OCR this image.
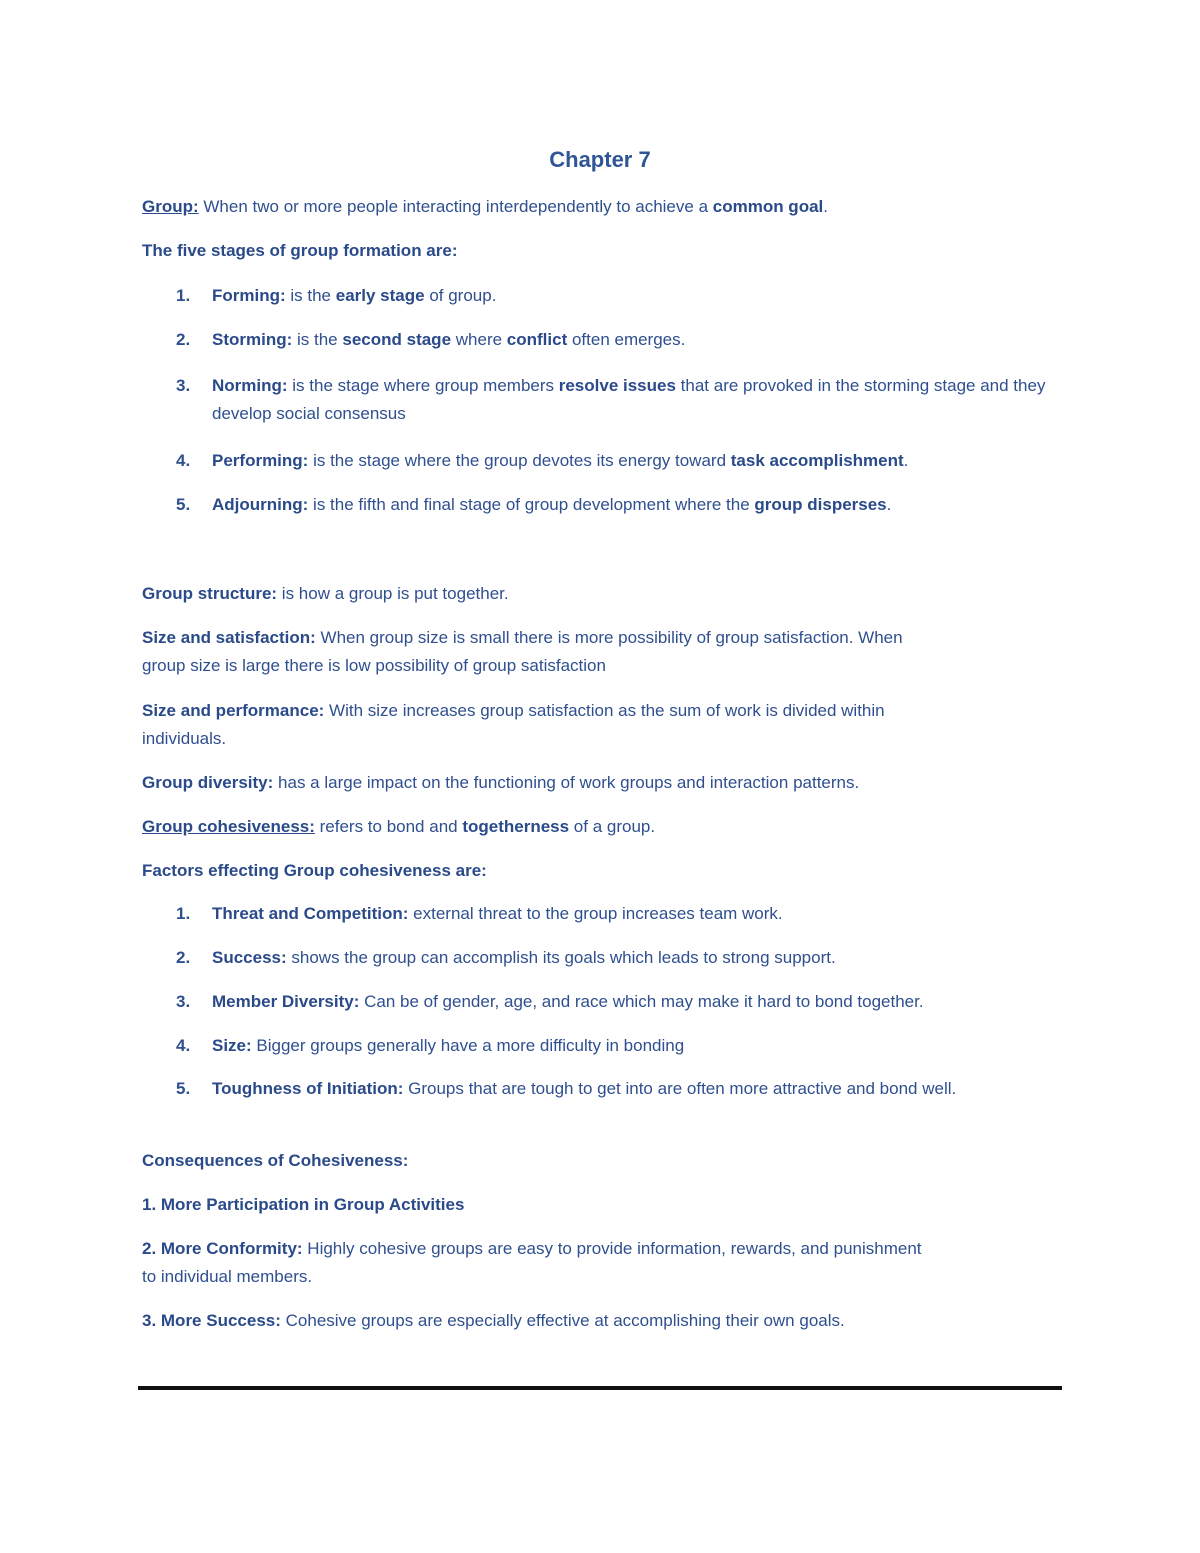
Chapter 7
Group: When two or more people interacting interdependently to achieve a common goal.
The five stages of group formation are:
1. Forming: is the early stage of group.
2. Storming: is the second stage where conflict often emerges.
3. Norming: is the stage where group members resolve issues that are provoked in the storming stage and they develop social consensus
4. Performing: is the stage where the group devotes its energy toward task accomplishment.
5. Adjourning: is the fifth and final stage of group development where the group disperses.
Group structure: is how a group is put together.
Size and satisfaction: When group size is small there is more possibility of group satisfaction. When
group size is large there is low possibility of group satisfaction
Size and performance: With size increases group satisfaction as the sum of work is divided within
individuals.
Group diversity: has a large impact on the functioning of work groups and interaction patterns.
Group cohesiveness: refers to bond and togetherness of a group.
Factors effecting Group cohesiveness are:
1. Threat and Competition: external threat to the group increases team work.
2. Success: shows the group can accomplish its goals which leads to strong support.
3. Member Diversity: Can be of gender, age, and race which may make it hard to bond together.
4. Size: Bigger groups generally have a more difficulty in bonding
5. Toughness of Initiation: Groups that are tough to get into are often more attractive and bond well.
Consequences of Cohesiveness:
1. More Participation in Group Activities
2. More Conformity: Highly cohesive groups are easy to provide information, rewards, and punishment
to individual members.
3. More Success: Cohesive groups are especially effective at accomplishing their own goals.
